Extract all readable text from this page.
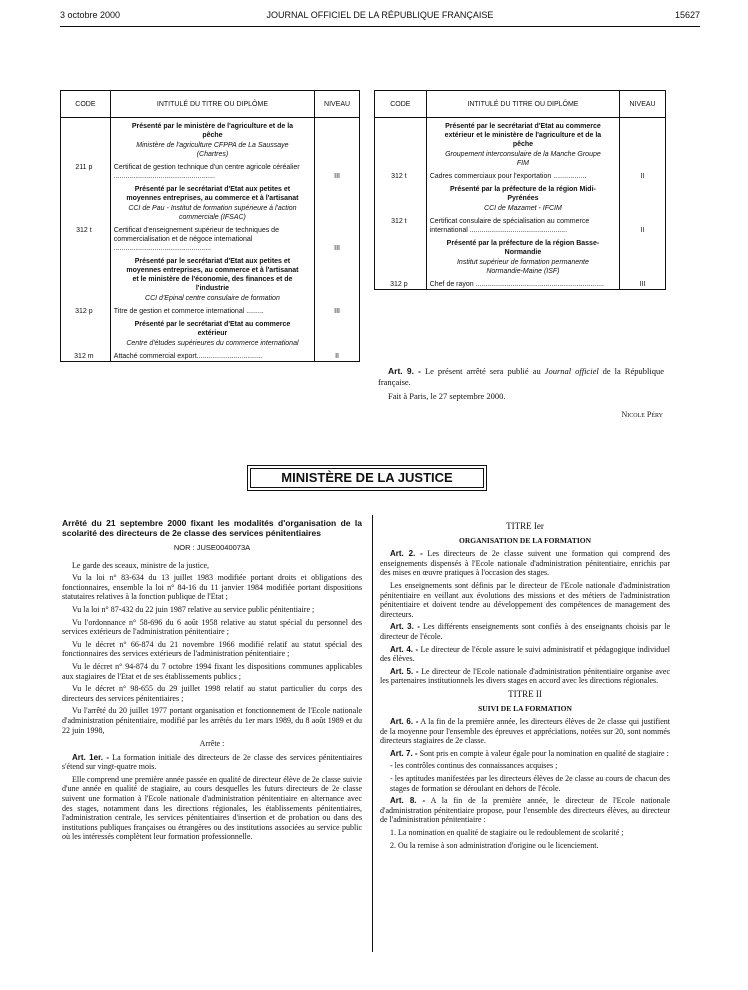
3 octobre 2000	JOURNAL OFFICIEL DE LA RÉPUBLIQUE FRANÇAISE	15627
CODE	INTITULÉ DU TITRE OU DIPLÔME	NIVEAU

	Présenté par le ministère de l'agriculture et de la pêche
Ministère de l'agriculture CFPPA de La Saussaye (Chartres)	

211 p	Certificat de gestion technique d'un centre agricole céréalier ....................................................	III

	Présenté par le secrétariat d'Etat aux petites et moyennes entreprises, au commerce et à l'artisanat
CCI de Pau - Institut de formation supérieure à l'action commerciale (IFSAC)	

312 t	Certificat d'enseignement supérieur de techniques de commercialisation et de négoce international ..................................................	III

	Présenté par le secrétariat d'Etat aux petites et moyennes entreprises, au commerce et à l'artisanat et le ministère de l'économie, des finances et de l'industrie
CCI d'Epinal centre consulaire de formation	

312 p	Titre de gestion et commerce international .........	III

	Présenté par le secrétariat d'Etat au commerce extérieur
Centre d'études supérieures du commerce international	

312 m	Attaché commercial export..................................	II
CODE	INTITULÉ DU TITRE OU DIPLÔME	NIVEAU

	Présenté par le secrétariat d'Etat au commerce extérieur et le ministère de l'agriculture et de la pêche
Groupement interconsulaire de la Manche Groupe FIM	

312 t	Cadres commerciaux pour l'exportation .................	II

	Présenté par la préfecture de la région Midi-Pyrénées
CCI de Mazamet - IFCIM	

312 t	Certificat consulaire de spécialisation au commerce international ..................................................	II

	Présenté par la préfecture de la région Basse-Normandie
Institut supérieur de formation permanente Normandie-Maine (ISF)	

312 p	Chef de rayon ..................................................................	III
Art. 9. - Le présent arrêté sera publié au Journal officiel de la République française.
Fait à Paris, le 27 septembre 2000.
Nicole Péry
MINISTÈRE DE LA JUSTICE

Arrêté du 21 septembre 2000 fixant les modalités d'organisation de la scolarité des directeurs de 2e classe des services pénitentiaires

NOR : JUSE0040073A

Le garde des sceaux, ministre de la justice,

Vu la loi n° 83-634 du 13 juillet 1983 modifiée portant droits et obligations des fonctionnaires, ensemble la loi n° 84-16 du 11 janvier 1984 modifiée portant dispositions statutaires relatives à la fonction publique de l'Etat ;

Vu la loi n° 87-432 du 22 juin 1987 relative au service public pénitentiaire ;

Vu l'ordonnance n° 58-696 du 6 août 1958 relative au statut spécial du personnel des services extérieurs de l'administration pénitentiaire ;

Vu le décret n° 66-874 du 21 novembre 1966 modifié relatif au statut spécial des fonctionnaires des services extérieurs de l'administration pénitentiaire ;

Vu le décret n° 94-874 du 7 octobre 1994 fixant les dispositions communes applicables aux stagiaires de l'Etat et de ses établissements publics ;

Vu le décret n° 98-655 du 29 juillet 1998 relatif au statut particulier du corps des directeurs des services pénitentiaires ;

Vu l'arrêté du 20 juillet 1977 portant organisation et fonctionnement de l'Ecole nationale d'administration pénitentiaire, modifié par les arrêtés du 1er mars 1989, du 8 août 1989 et du 22 juin 1998,

Arrête :

Art. 1er. - La formation initiale des directeurs de 2e classe des services pénitentiaires s'étend sur vingt-quatre mois.

Elle comprend une première année passée en qualité de directeur élève de 2e classe suivie d'une année en qualité de stagiaire, au cours desquelles les futurs directeurs de 2e classe suivent une formation à l'Ecole nationale d'administration pénitentiaire en alternance avec des stages, notamment dans les directions régionales, les établissements pénitentiaires, l'administration centrale, les services pénitentiaires d'insertion et de probation ou dans des institutions publiques françaises ou étrangères ou des institutions associées au service public où les intéressés complètent leur formation professionnelle.

TITRE Ier

ORGANISATION DE LA FORMATION

Art. 2. - Les directeurs de 2e classe suivent une formation qui comprend des enseignements dispensés à l'Ecole nationale d'administration pénitentiaire, enrichis par des mises en œuvre pratiques à l'occasion des stages.

Les enseignements sont définis par le directeur de l'Ecole nationale d'administration pénitentiaire en veillant aux évolutions des missions et des métiers de l'administration pénitentiaire et doivent tendre au développement des compétences de management des directeurs.

Art. 3. - Les différents enseignements sont confiés à des enseignants choisis par le directeur de l'école.

Art. 4. - Le directeur de l'école assure le suivi administratif et pédagogique individuel des élèves.

Art. 5. - Le directeur de l'Ecole nationale d'administration pénitentiaire organise avec les partenaires institutionnels les divers stages en accord avec les directions régionales.

TITRE II

SUIVI DE LA FORMATION

Art. 6. - A la fin de la première année, les directeurs élèves de 2e classe qui justifient de la moyenne pour l'ensemble des épreuves et appréciations, notées sur 20, sont nommés directeurs stagiaires de 2e classe.

Art. 7. - Sont pris en compte à valeur égale pour la nomination en qualité de stagiaire :

- les contrôles continus des connaissances acquises ;

- les aptitudes manifestées par les directeurs élèves de 2e classe au cours de chacun des stages de formation se déroulant en dehors de l'école.

Art. 8. - A la fin de la première année, le directeur de l'Ecole nationale d'administration pénitentiaire propose, pour l'ensemble des directeurs élèves, au directeur de l'administration pénitentiaire :

1. La nomination en qualité de stagiaire ou le redoublement de scolarité ;

2. Ou la remise à son administration d'origine ou le licenciement.
